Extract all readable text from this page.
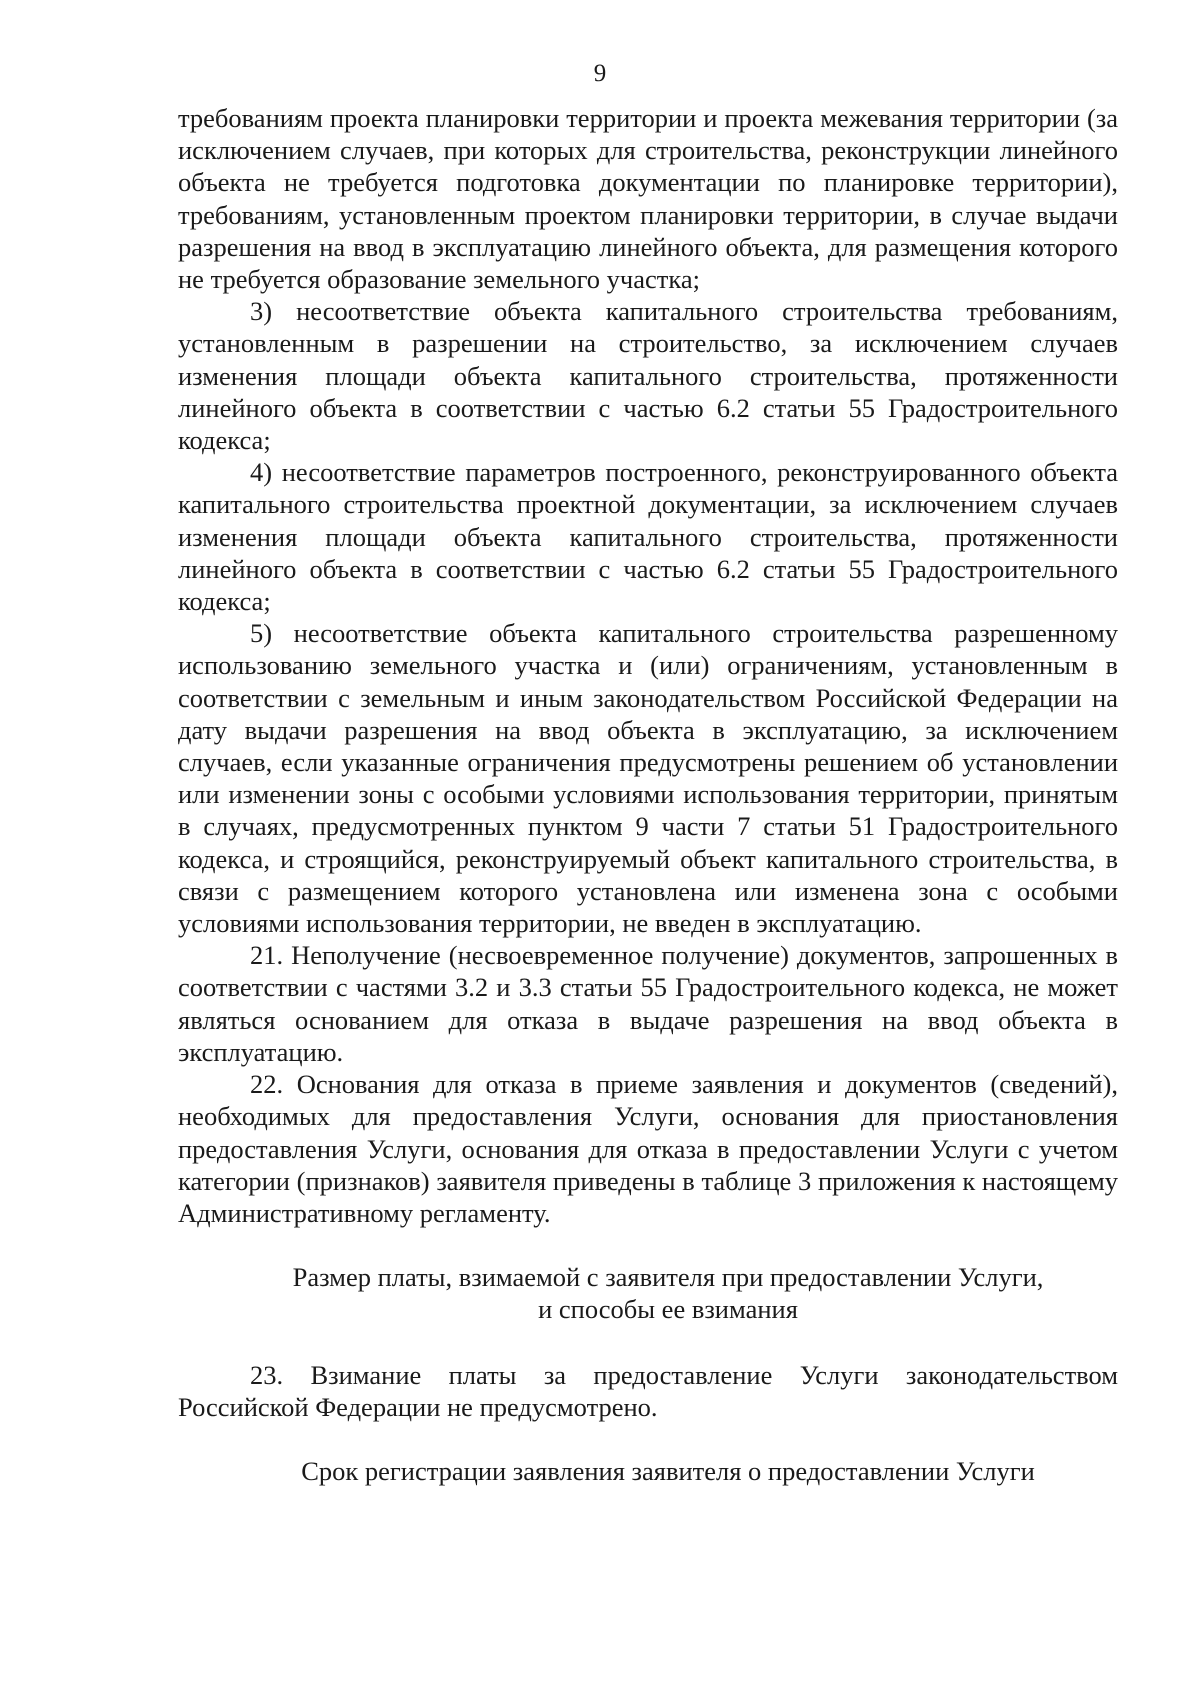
9

требованиям проекта планировки территории и проекта межевания территории (за исключением случаев, при которых для строительства, реконструкции линейного объекта не требуется подготовка документации по планировке территории), требованиям, установленным проектом планировки территории, в случае выдачи разрешения на ввод в эксплуатацию линейного объекта, для размещения которого не требуется образование земельного участка;

3) несоответствие объекта капитального строительства требованиям, установленным в разрешении на строительство, за исключением случаев изменения площади объекта капитального строительства, протяженности линейного объекта в соответствии с частью 6.2 статьи 55 Градостроительного кодекса;

4) несоответствие параметров построенного, реконструированного объекта капитального строительства проектной документации, за исключением случаев изменения площади объекта капитального строительства, протяженности линейного объекта в соответствии с частью 6.2 статьи 55 Градостроительного кодекса;

5) несоответствие объекта капитального строительства разрешенному использованию земельного участка и (или) ограничениям, установленным в соответствии с земельным и иным законодательством Российской Федерации на дату выдачи разрешения на ввод объекта в эксплуатацию, за исключением случаев, если указанные ограничения предусмотрены решением об установлении или изменении зоны с особыми условиями использования территории, принятым в случаях, предусмотренных пунктом 9 части 7 статьи 51 Градостроительного кодекса, и строящийся, реконструируемый объект капитального строительства, в связи с размещением которого установлена или изменена зона с особыми условиями использования территории, не введен в эксплуатацию.

21. Неполучение (несвоевременное получение) документов, запрошенных в соответствии с частями 3.2 и 3.3 статьи 55 Градостроительного кодекса, не может являться основанием для отказа в выдаче разрешения на ввод объекта в эксплуатацию.

22. Основания для отказа в приеме заявления и документов (сведений), необходимых для предоставления Услуги, основания для приостановления предоставления Услуги, основания для отказа в предоставлении Услуги с учетом категории (признаков) заявителя приведены в таблице 3 приложения к настоящему Административному регламенту.

Размер платы, взимаемой с заявителя при предоставлении Услуги,
и способы ее взимания

23. Взимание платы за предоставление Услуги законодательством Российской Федерации не предусмотрено.

Срок регистрации заявления заявителя о предоставлении Услуги
